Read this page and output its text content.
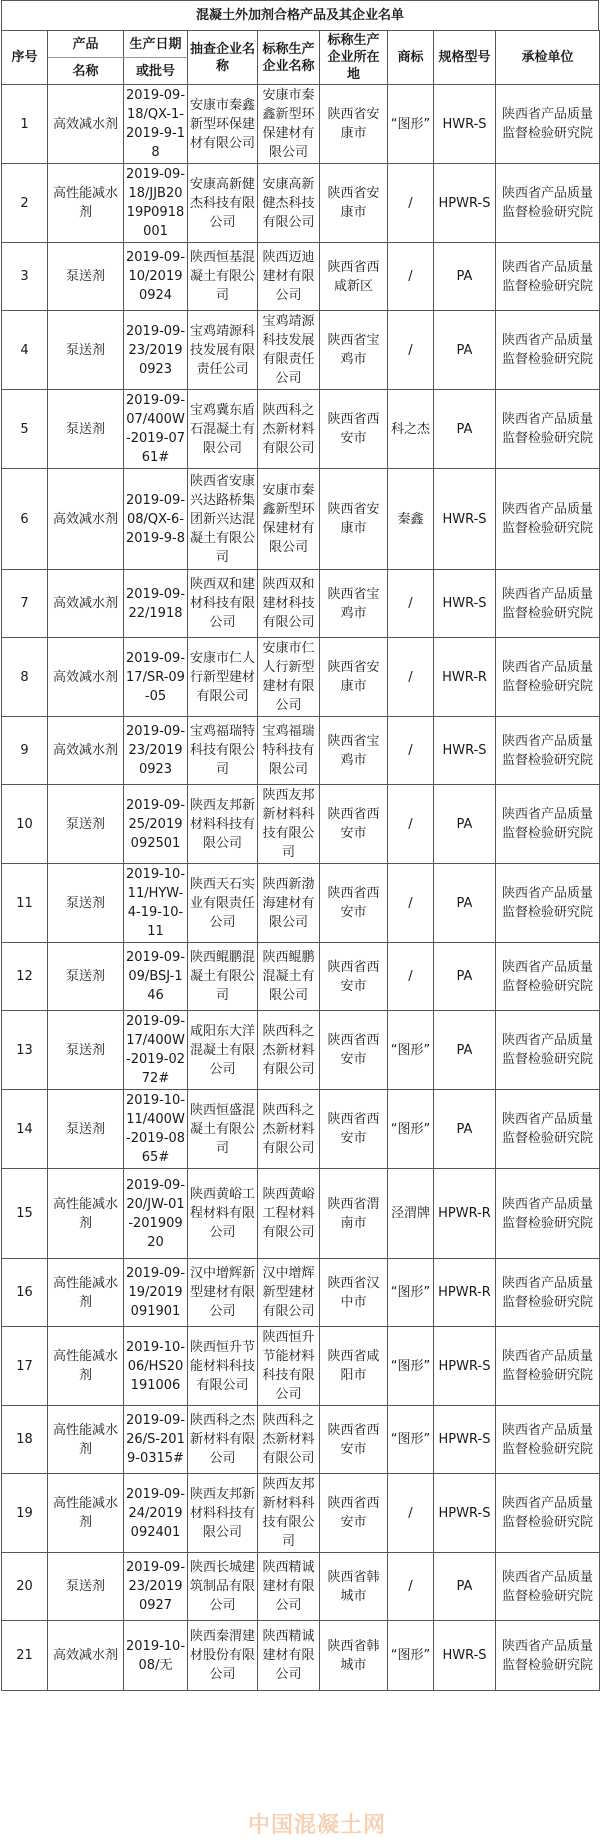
混凝土外加剂合格产品及其企业名单
序号	产品	生产日期	抽查企业名称	标称生产企业名称	标称生产企业所在地	商标	规格型号	承检单位
	名称	或批号						
1	高效减水剂	2019-09-18/QX-1-2019-9-18	安康市秦鑫新型环保建材有限公司	安康市秦鑫新型环保建材有限公司	陕西省安康市	“图形”	HWR-S	陕西省产品质量监督检验研究院
2	高性能减水剂	2019-09-18/JJB2019P0918001	安康高新健杰科技有限公司	安康高新健杰科技有限公司	陕西省安康市	/	HPWR-S	陕西省产品质量监督检验研究院
3	泵送剂	2019-09-10/20190924	陕西恒基混凝土有限公司	陕西迈迪建材有限公司	陕西省西咸新区	/	PA	陕西省产品质量监督检验研究院
4	泵送剂	2019-09-23/20190923	宝鸡靖源科技发展有限责任公司	宝鸡靖源科技发展有限责任公司	陕西省宝鸡市	/	PA	陕西省产品质量监督检验研究院
5	泵送剂	2019-09-07/400W-2019-0761#	宝鸡冀东盾石混凝土有限公司	陕西科之杰新材料有限公司	陕西省西安市	科之杰	PA	陕西省产品质量监督检验研究院
6	高效减水剂	2019-09-08/QX-6-2019-9-8	陕西省安康兴达路桥集团新兴达混凝土有限公司	安康市秦鑫新型环保建材有限公司	陕西省安康市	秦鑫	HWR-S	陕西省产品质量监督检验研究院
7	高效减水剂	2019-09-22/1918	陕西双和建材科技有限公司	陕西双和建材科技有限公司	陕西省宝鸡市	/	HWR-S	陕西省产品质量监督检验研究院
8	高效减水剂	2019-09-17/SR-09-05	安康市仁人行新型建材有限公司	安康市仁人行新型建材有限公司	陕西省安康市	/	HWR-R	陕西省产品质量监督检验研究院
9	高效减水剂	2019-09-23/20190923	宝鸡福瑞特科技有限公司	宝鸡福瑞特科技有限公司	陕西省宝鸡市	/	HWR-S	陕西省产品质量监督检验研究院
10	泵送剂	2019-09-25/2019092501	陕西友邦新材料科技有限公司	陕西友邦新材料科技有限公司	陕西省西安市	/	PA	陕西省产品质量监督检验研究院
11	泵送剂	2019-10-11/HYW-4-19-10-11	陕西天石实业有限责任公司	陕西新渤海建材有限公司	陕西省西安市	/	PA	陕西省产品质量监督检验研究院
12	泵送剂	2019-09-09/BSJ-146	陕西鲲鹏混凝土有限公司	陕西鲲鹏混凝土有限公司	陕西省西安市	/	PA	陕西省产品质量监督检验研究院
13	泵送剂	2019-09-17/400W-2019-0272#	咸阳东大洋混凝土有限公司	陕西科之杰新材料有限公司	陕西省西安市	“图形”	PA	陕西省产品质量监督检验研究院
14	泵送剂	2019-10-11/400W-2019-0865#	陕西恒盛混凝土有限公司	陕西科之杰新材料有限公司	陕西省西安市	“图形”	PA	陕西省产品质量监督检验研究院
15	高性能减水剂	2019-09-20/JW-01-20190920	陕西黄峪工程材料有限公司	陕西黄峪工程材料有限公司	陕西省渭南市	泾渭牌	HPWR-R	陕西省产品质量监督检验研究院
16	高性能减水剂	2019-09-19/2019091901	汉中增辉新型建材有限公司	汉中增辉新型建材有限公司	陕西省汉中市	“图形”	HPWR-R	陕西省产品质量监督检验研究院
17	高性能减水剂	2019-10-06/HS20191006	陕西恒升节能材料科技有限公司	陕西恒升节能材料科技有限公司	陕西省咸阳市	“图形”	HPWR-S	陕西省产品质量监督检验研究院
18	高性能减水剂	2019-09-26/S-2019-0315#	陕西科之杰新材料有限公司	陕西科之杰新材料有限公司	陕西省西安市	“图形”	HPWR-S	陕西省产品质量监督检验研究院
19	高性能减水剂	2019-09-24/2019092401	陕西友邦新材料科技有限公司	陕西友邦新材料科技有限公司	陕西省西安市	/	HPWR-S	陕西省产品质量监督检验研究院
20	泵送剂	2019-09-23/20190927	陕西长城建筑制品有限公司	陕西精诚建材有限公司	陕西省韩城市	/	PA	陕西省产品质量监督检验研究院
21	高效减水剂	2019-10-08/无	陕西秦渭建材股份有限公司	陕西精诚建材有限公司	陕西省韩城市	“图形”	HWR-S	陕西省产品质量监督检验研究院
中国混凝土网
